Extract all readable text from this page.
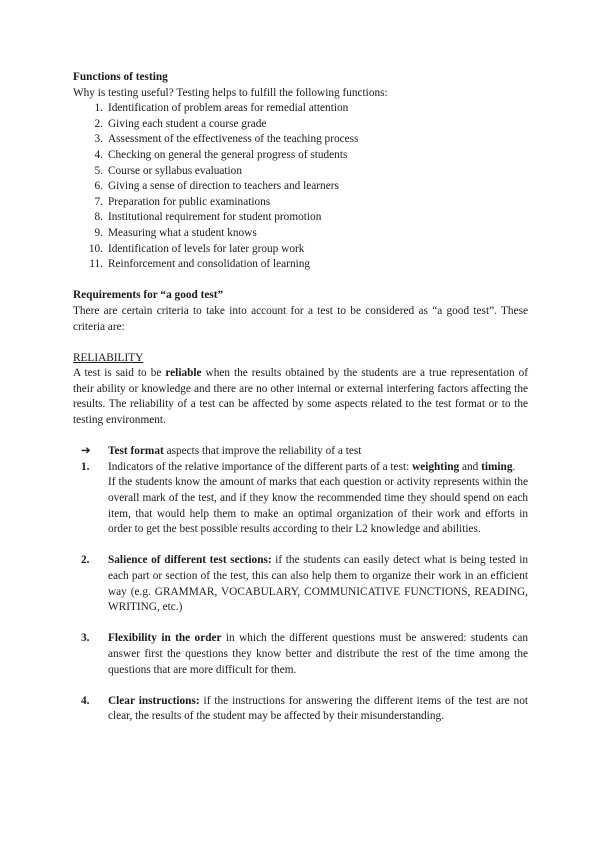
Functions of testing

Why is testing useful? Testing helps to fulfill the following functions:

1. Identification of problem areas for remedial attention
2. Giving each student a course grade
3. Assessment of the effectiveness of the teaching process
4. Checking on general the general progress of students
5. Course or syllabus evaluation
6. Giving a sense of direction to teachers and learners
7. Preparation for public examinations
8. Institutional requirement for student promotion
9. Measuring what a student knows
10. Identification of levels for later group work
11. Reinforcement and consolidation of learning

Requirements for “a good test”

There are certain criteria to take into account for a test to be considered as “a good test”. These criteria are:

RELIABILITY

A test is said to be reliable when the results obtained by the students are a true representation of their ability or knowledge and there are no other internal or external interfering factors affecting the results. The reliability of a test can be affected by some aspects related to the test format or to the testing environment.

➔	Test format aspects that improve the reliability of a test
1.	Indicators of the relative importance of the different parts of a test: weighting and timing.
If the students know the amount of marks that each question or activity represents within the overall mark of the test, and if they know the recommended time they should spend on each item, that would help them to make an optimal organization of their work and efforts in order to get the best possible results according to their L2 knowledge and abilities.
2.	Salience of different test sections: if the students can easily detect what is being tested in each part or section of the test, this can also help them to organize their work in an efficient way (e.g. GRAMMAR, VOCABULARY, COMMUNICATIVE FUNCTIONS, READING, WRITING, etc.)
3.	Flexibility in the order in which the different questions must be answered: students can answer first the questions they know better and distribute the rest of the time among the questions that are more difficult for them.
4.	Clear instructions: if the instructions for answering the different items of the test are not clear, the results of the student may be affected by their misunderstanding.
